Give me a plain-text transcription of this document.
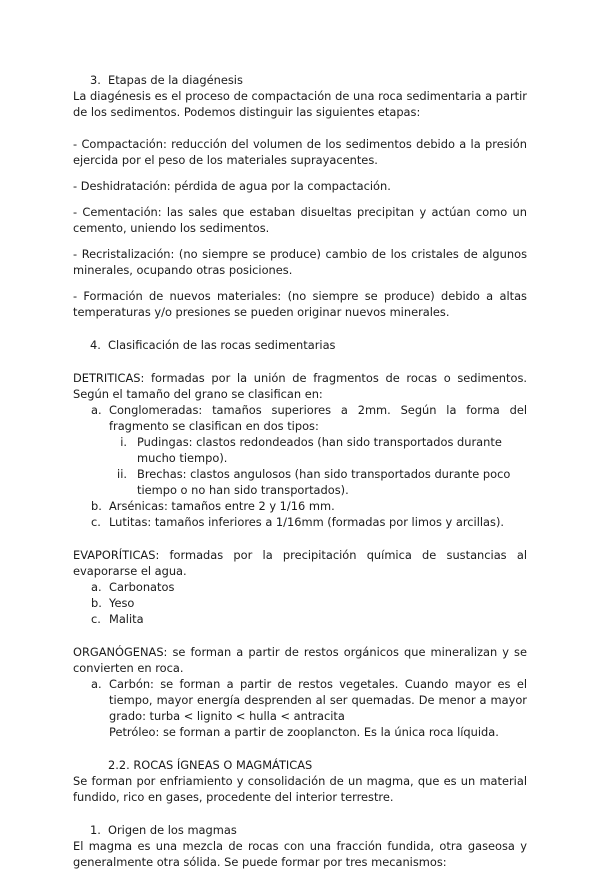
3. Etapas de la diagénesis

La diagénesis es el proceso de compactación de una roca sedimentaria a partir de los sedimentos. Podemos distinguir las siguientes etapas:

- Compactación: reducción del volumen de los sedimentos debido a la presión ejercida por el peso de los materiales suprayacentes.

- Deshidratación: pérdida de agua por la compactación.

- Cementación: las sales que estaban disueltas precipitan y actúan como un cemento, uniendo los sedimentos.

- Recristalización: (no siempre se produce) cambio de los cristales de algunos minerales, ocupando otras posiciones.

- Formación de nuevos materiales: (no siempre se produce) debido a altas temperaturas y/o presiones se pueden originar nuevos minerales.

4. Clasificación de las rocas sedimentarias

DETRITICAS: formadas por la unión de fragmentos de rocas o sedimentos. Según el tamaño del grano se clasifican en:

a. Conglomeradas: tamaños superiores a 2mm. Según la forma del fragmento se clasifican en dos tipos:
i. Pudingas: clastos redondeados (han sido transportados durante mucho tiempo).
ii. Brechas: clastos angulosos (han sido transportados durante poco tiempo o no han sido transportados).
b. Arsénicas: tamaños entre 2 y 1/16 mm.
c. Lutitas: tamaños inferiores a 1/16mm (formadas por limos y arcillas).

EVAPORÍTICAS: formadas por la precipitación química de sustancias al evaporarse el agua.

a. Carbonatos
b. Yeso
c. Malita

ORGANÓGENAS: se forman a partir de restos orgánicos que mineralizan y se convierten en roca.

a. Carbón: se forman a partir de restos vegetales. Cuando mayor es el tiempo, mayor energía desprenden al ser quemadas. De menor a mayor grado: turba < lignito < hulla < antracita

Petróleo: se forman a partir de zooplancton. Es la única roca líquida.

2.2. ROCAS ÍGNEAS O MAGMÁTICAS

Se forman por enfriamiento y consolidación de un magma, que es un material fundido, rico en gases, procedente del interior terrestre.

1. Origen de los magmas

El magma es una mezcla de rocas con una fracción fundida, otra gaseosa y generalmente otra sólida. Se puede formar por tres mecanismos:
